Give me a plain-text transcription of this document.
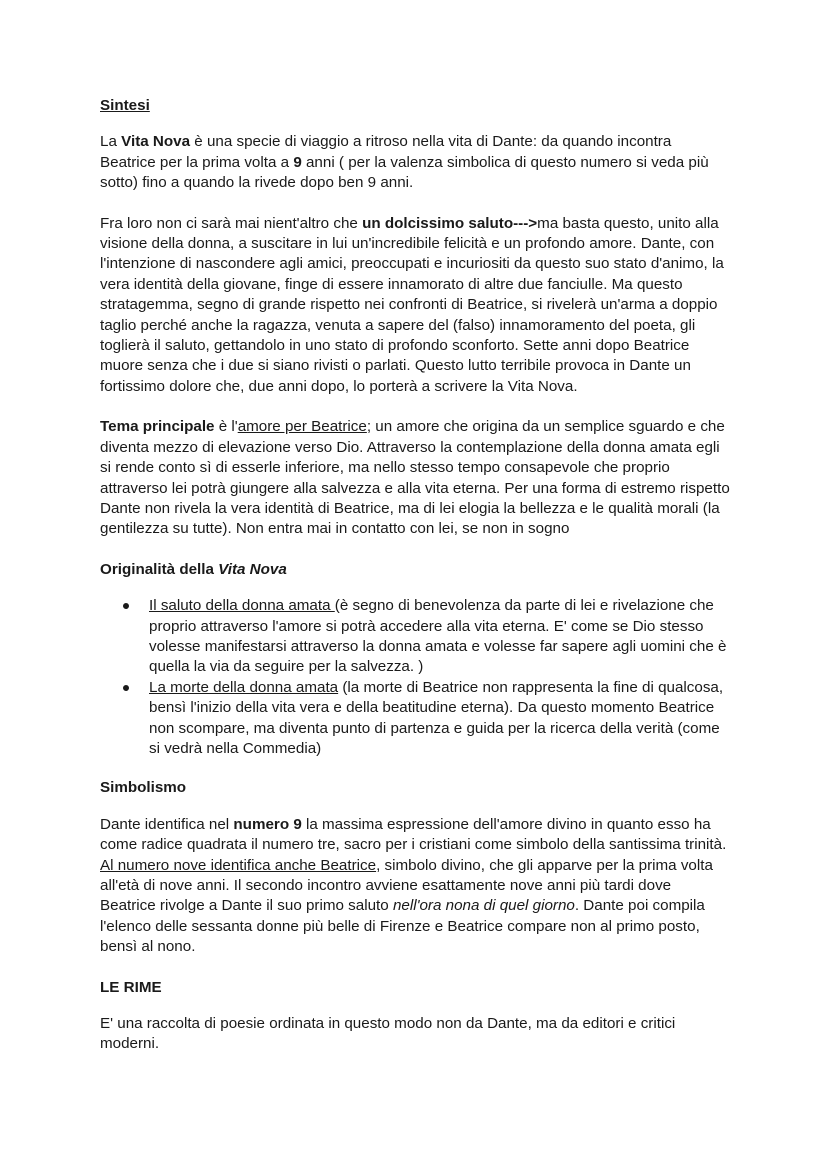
Sintesi

La Vita Nova è una specie di viaggio a ritroso nella vita di Dante: da quando incontra Beatrice per la prima volta a 9 anni ( per la valenza simbolica di questo numero si veda più sotto) fino a quando la rivede dopo ben 9 anni.

Fra loro non ci sarà mai nient'altro che un dolcissimo saluto--->ma basta questo, unito alla visione della donna, a suscitare in lui un'incredibile felicità e un profondo amore. Dante, con l'intenzione di nascondere agli amici, preoccupati e incuriositi da questo suo stato d'animo, la vera identità della giovane, finge di essere innamorato di altre due fanciulle. Ma questo stratagemma, segno di grande rispetto nei confronti di Beatrice, si rivelerà un'arma a doppio taglio perché anche la ragazza, venuta a sapere del (falso) innamoramento del poeta, gli toglierà il saluto, gettandolo in uno stato di profondo sconforto. Sette anni dopo Beatrice muore senza che i due si siano rivisti o parlati. Questo lutto terribile provoca in Dante un fortissimo dolore che, due anni dopo, lo porterà a scrivere la Vita Nova.

Tema principale è l'amore per Beatrice; un amore che origina da un semplice sguardo e che diventa mezzo di elevazione verso Dio. Attraverso la contemplazione della donna amata egli si rende conto sì di esserle inferiore, ma nello stesso tempo consapevole che proprio attraverso lei potrà giungere alla salvezza e alla vita eterna. Per una forma di estremo rispetto Dante non rivela la vera identità di Beatrice, ma di lei elogia la bellezza e le qualità morali (la gentilezza su tutte). Non entra mai in contatto con lei, se non in sogno

Originalità della Vita Nova

Il saluto della donna amata (è segno di benevolenza da parte di lei e rivelazione che proprio attraverso l'amore si potrà accedere alla vita eterna. E' come se Dio stesso volesse manifestarsi attraverso la donna amata e volesse far sapere agli uomini che è quella la via da seguire per la salvezza. )
La morte della donna amata (la morte di Beatrice non rappresenta la fine di qualcosa, bensì l'inizio della vita vera e della beatitudine eterna). Da questo momento Beatrice non scompare, ma diventa punto di partenza e guida per la ricerca della verità (come si vedrà nella Commedia)

Simbolismo

Dante identifica nel numero 9 la massima espressione dell'amore divino in quanto esso ha come radice quadrata il numero tre, sacro per i cristiani come simbolo della santissima trinità. Al numero nove identifica anche Beatrice, simbolo divino, che gli apparve per la prima volta all'età di nove anni. Il secondo incontro avviene esattamente nove anni più tardi dove Beatrice rivolge a Dante il suo primo saluto nell'ora nona di quel giorno. Dante poi compila l'elenco delle sessanta donne più belle di Firenze e Beatrice compare non al primo posto, bensì al nono.

LE RIME

E' una raccolta di poesie ordinata in questo modo non da Dante, ma da editori e critici moderni.
